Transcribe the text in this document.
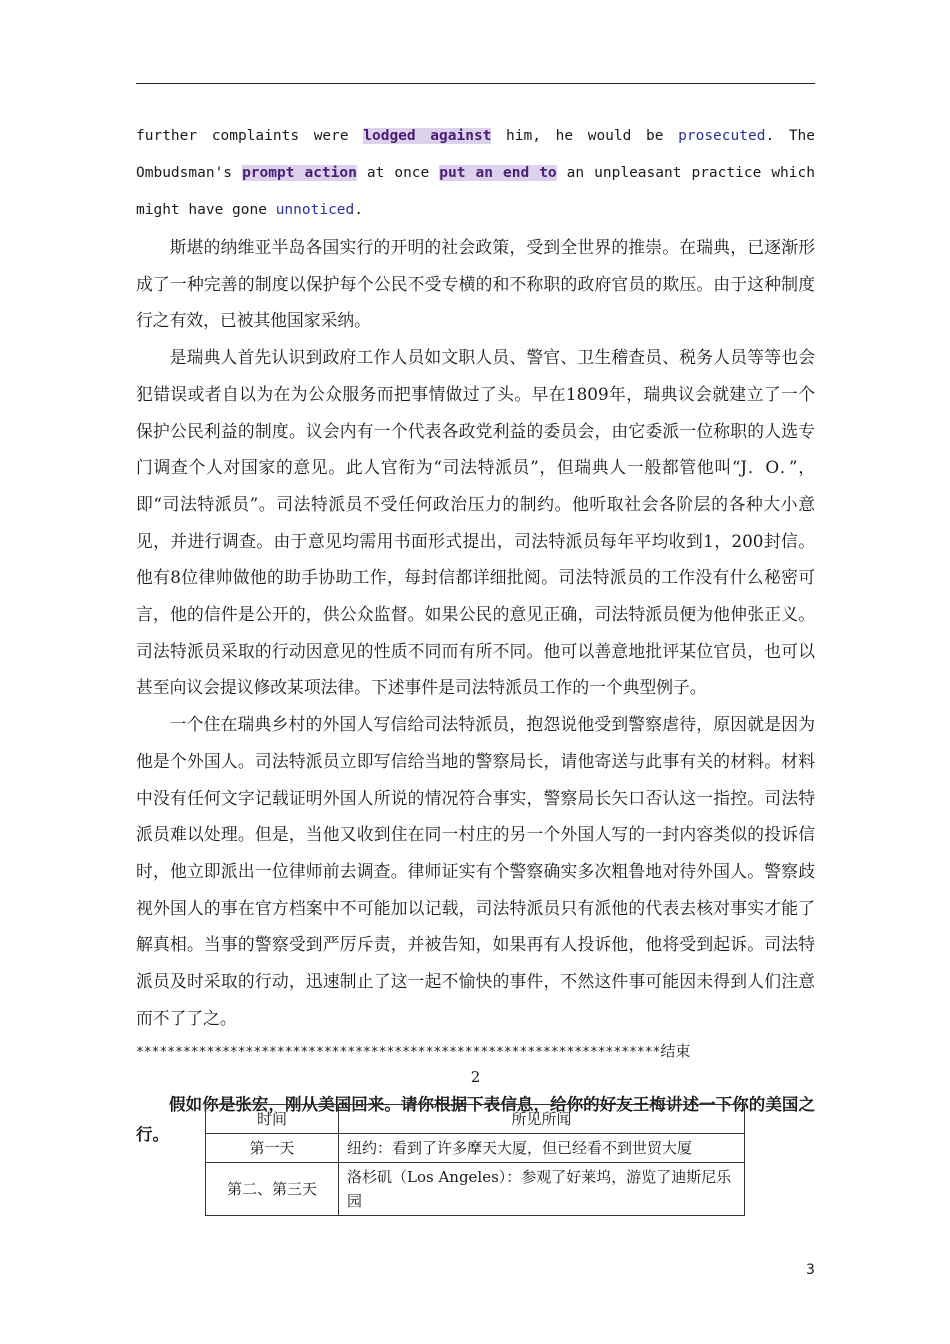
further complaints were lodged against him, he would be prosecuted. The Ombudsman's prompt action at once put an end to an unpleasant practice which might have gone unnoticed.

斯堪的纳维亚半岛各国实行的开明的社会政策，受到全世界的推崇。在瑞典，已逐渐形成了一种完善的制度以保护每个公民不受专横的和不称职的政府官员的欺压。由于这种制度行之有效，已被其他国家采纳。

是瑞典人首先认识到政府工作人员如文职人员、警官、卫生稽查员、税务人员等等也会犯错误或者自以为在为公众服务而把事情做过了头。早在1809年，瑞典议会就建立了一个保护公民利益的制度。议会内有一个代表各政党利益的委员会，由它委派一位称职的人选专门调查个人对国家的意见。此人官衔为“司法特派员”，但瑞典人一般都管他叫“J．O．”，即“司法特派员”。司法特派员不受任何政治压力的制约。他听取社会各阶层的各种大小意见，并进行调查。由于意见均需用书面形式提出，司法特派员每年平均收到1，200封信。他有8位律帅做他的助手协助工作，每封信都详细批阅。司法特派员的工作没有什么秘密可言，他的信件是公开的，供公众监督。如果公民的意见正确，司法特派员便为他伸张正义。司法特派员采取的行动因意见的性质不同而有所不同。他可以善意地批评某位官员，也可以甚至向议会提议修改某项法律。下述事件是司法特派员工作的一个典型例子。

一个住在瑞典乡村的外国人写信给司法特派员，抱怨说他受到警察虐待，原因就是因为他是个外国人。司法特派员立即写信给当地的警察局长，请他寄送与此事有关的材料。材料中没有任何文字记载证明外国人所说的情况符合事实，警察局长矢口否认这一指控。司法特派员难以处理。但是，当他又收到住在同一村庄的另一个外国人写的一封内容类似的投诉信时，他立即派出一位律师前去调查。律师证实有个警察确实多次粗鲁地对待外国人。警察歧视外国人的事在官方档案中不可能加以记载，司法特派员只有派他的代表去核对事实才能了解真相。当事的警察受到严厉斥责，并被告知，如果再有人投诉他，他将受到起诉。司法特派员及时采取的行动，迅速制止了这一起不愉快的事件，不然这件事可能因未得到人们注意而不了了之。

*******************************************************************结束

2

假如你是张宏，刚从美国回来。请你根据下表信息，给你的好友王梅讲述一下你的美国之行。

时间	所见所闻
第一天	纽约：看到了许多摩天大厦，但已经看不到世贸大厦
第二、第三天	洛杉矶（Los Angeles）：参观了好莱坞，游览了迪斯尼乐园
3
